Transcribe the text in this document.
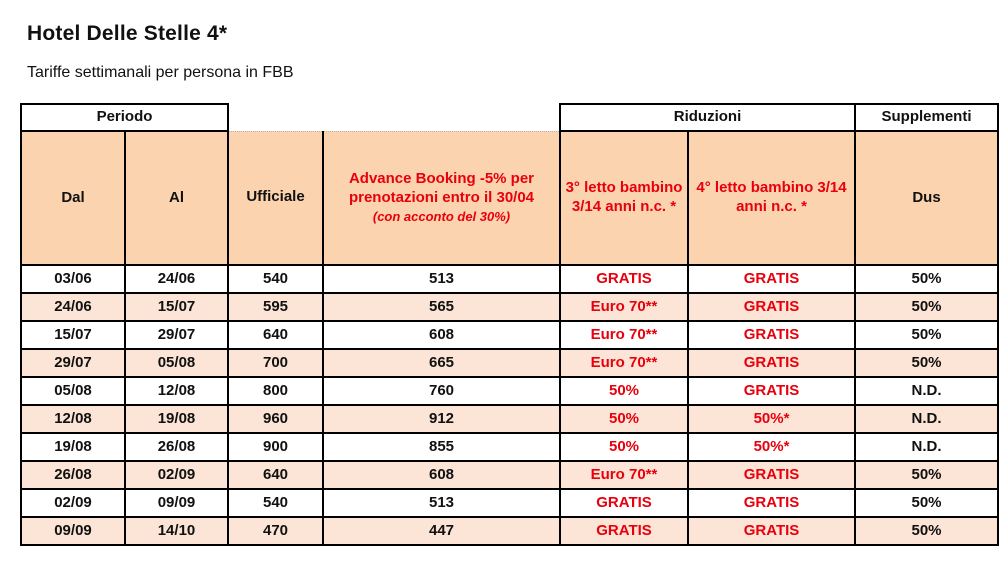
Hotel Delle Stelle 4*
Tariffe settimanali per persona in FBB
Periodo				Riduzioni		Supplementi
Dal	Al	Ufficiale	Advance Booking -5% per prenotazioni entro il 30/04
(con acconto del 30%)	3° letto bambino 3/14 anni n.c. *	4° letto bambino 3/14 anni n.c. *	Dus
03/06	24/06	540	513	GRATIS	GRATIS	50%
24/06	15/07	595	565	Euro 70**	GRATIS	50%
15/07	29/07	640	608	Euro 70**	GRATIS	50%
29/07	05/08	700	665	Euro 70**	GRATIS	50%
05/08	12/08	800	760	50%	GRATIS	N.D.
12/08	19/08	960	912	50%	50%*	N.D.
19/08	26/08	900	855	50%	50%*	N.D.
26/08	02/09	640	608	Euro 70**	GRATIS	50%
02/09	09/09	540	513	GRATIS	GRATIS	50%
09/09	14/10	470	447	GRATIS	GRATIS	50%
